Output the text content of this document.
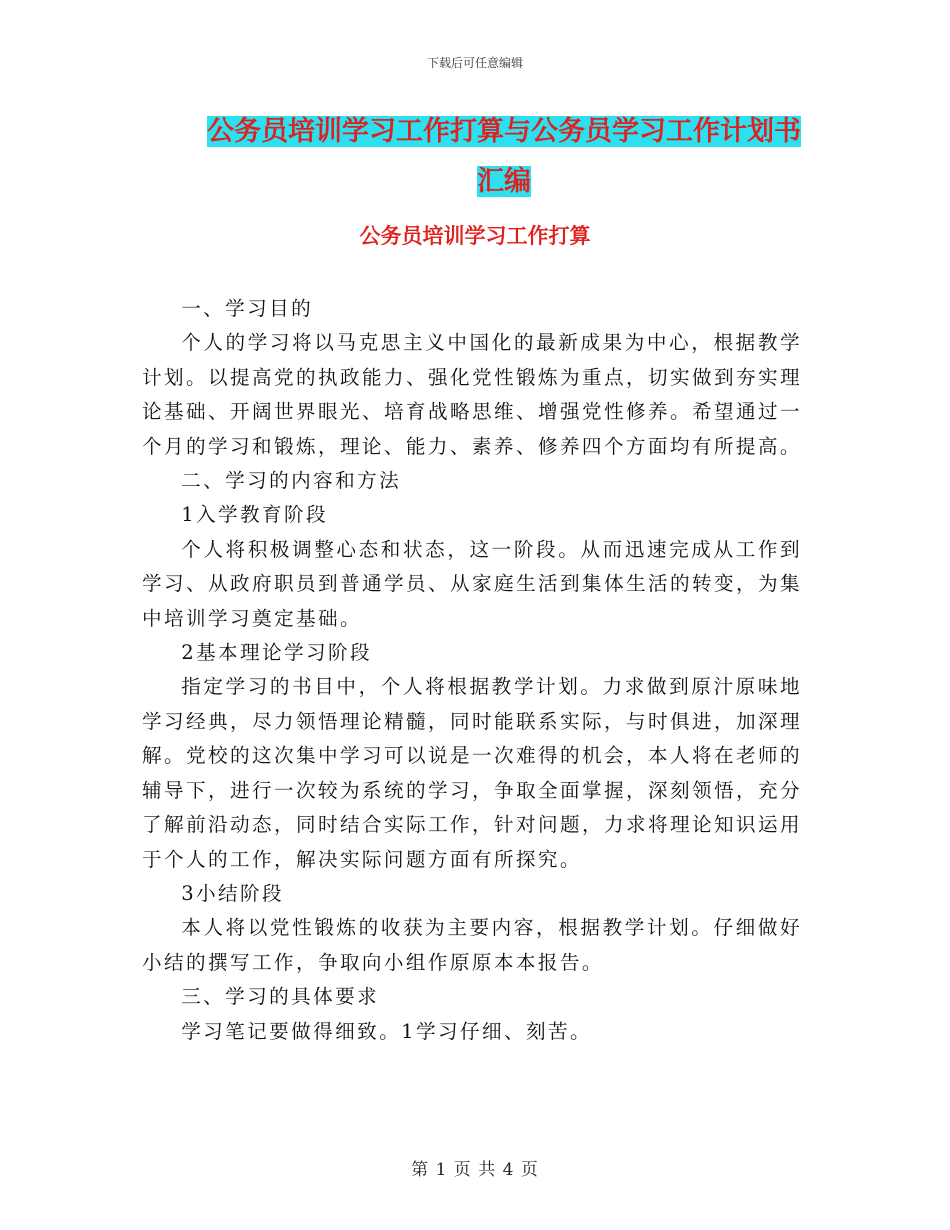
下载后可任意编辑
公务员培训学习工作打算与公务员学习工作计划书汇编
公务员培训学习工作打算

一、学习目的

个人的学习将以马克思主义中国化的最新成果为中心，根据教学计划。以提高党的执政能力、强化党性锻炼为重点，切实做到夯实理论基础、开阔世界眼光、培育战略思维、增强党性修养。希望通过一个月的学习和锻炼，理论、能力、素养、修养四个方面均有所提高。

二、学习的内容和方法

1入学教育阶段

个人将积极调整心态和状态，这一阶段。从而迅速完成从工作到学习、从政府职员到普通学员、从家庭生活到集体生活的转变，为集中培训学习奠定基础。

2基本理论学习阶段

指定学习的书目中，个人将根据教学计划。力求做到原汁原味地学习经典，尽力领悟理论精髓，同时能联系实际，与时俱进，加深理解。党校的这次集中学习可以说是一次难得的机会，本人将在老师的辅导下，进行一次较为系统的学习，争取全面掌握，深刻领悟，充分了解前沿动态，同时结合实际工作，针对问题，力求将理论知识运用于个人的工作，解决实际问题方面有所探究。

3小结阶段

本人将以党性锻炼的收获为主要内容，根据教学计划。仔细做好小结的撰写工作，争取向小组作原原本本报告。

三、学习的具体要求

学习笔记要做得细致。1学习仔细、刻苦。

第 1 页 共 4 页
